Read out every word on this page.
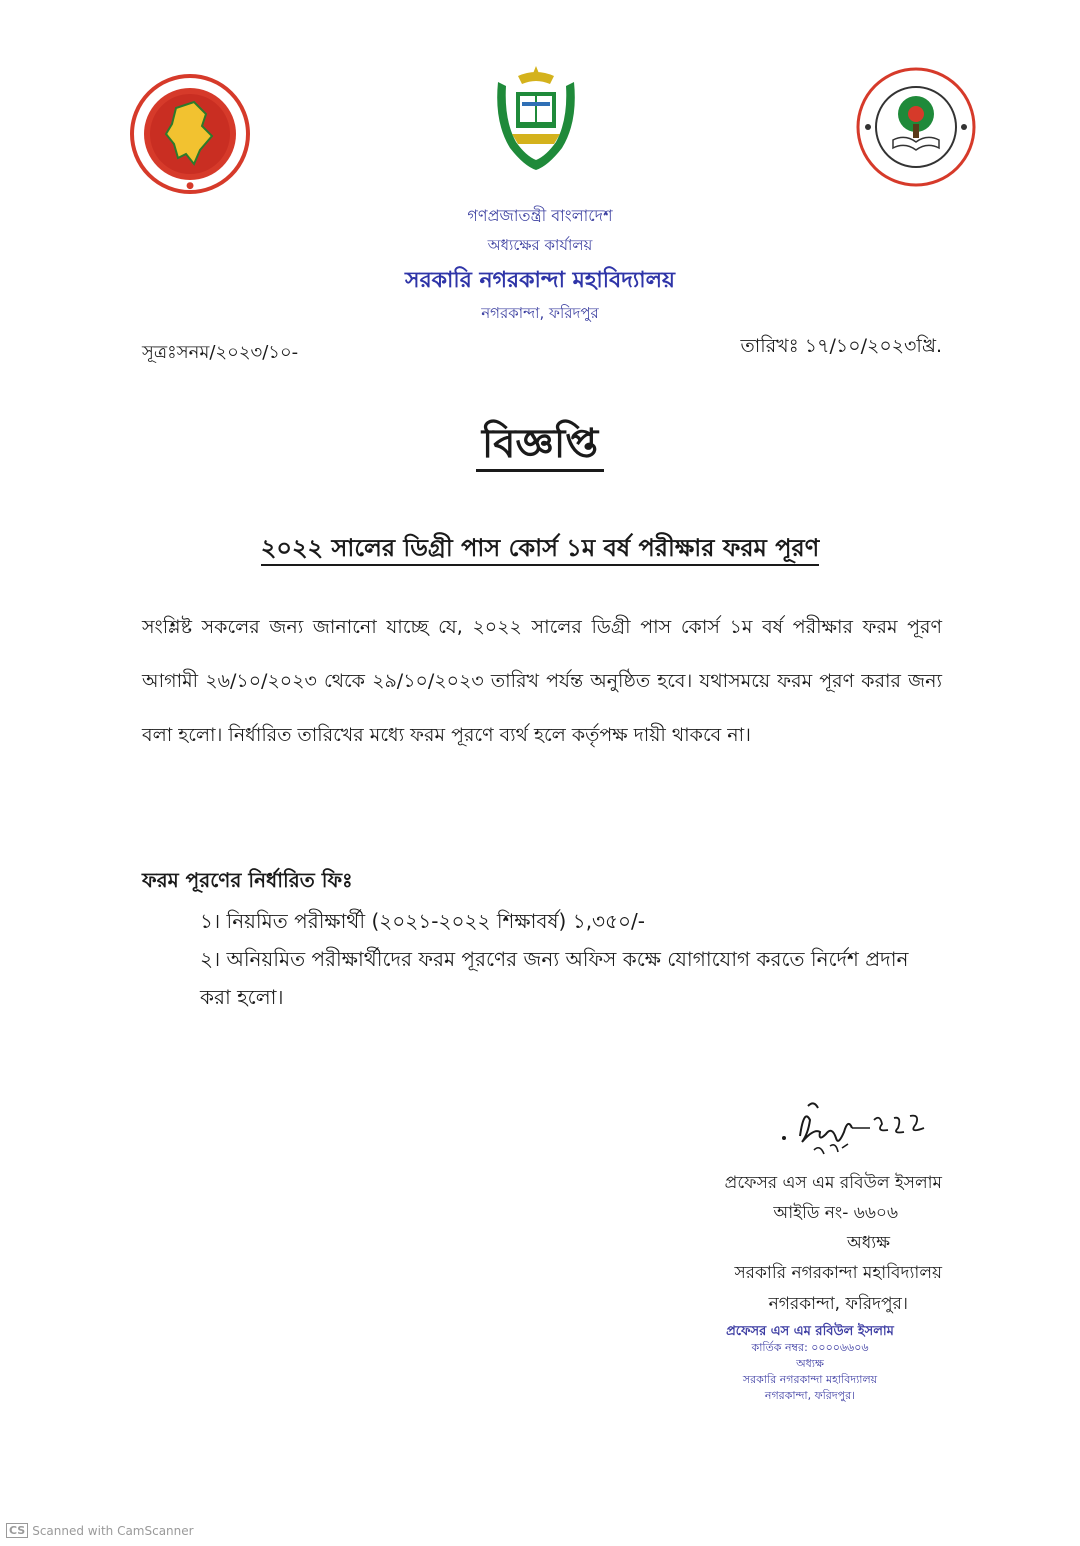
●
গণপ্রজাতন্ত্রী বাংলাদেশ
অধ্যক্ষের কার্যালয়
সরকারি নগরকান্দা মহাবিদ্যালয়
নগরকান্দা, ফরিদপুর
সূত্রঃসনম/২০২৩/১০-	তারিখঃ ১৭/১০/২০২৩খ্রি.
বিজ্ঞপ্তি
২০২২ সালের ডিগ্রী পাস কোর্স ১ম বর্ষ পরীক্ষার ফরম পূরণ
সংশ্লিষ্ট সকলের জন্য জানানো যাচ্ছে যে, ২০২২ সালের ডিগ্রী পাস কোর্স ১ম বর্ষ পরীক্ষার ফরম পূরণ আগামী ২৬/১০/২০২৩ থেকে ২৯/১০/২০২৩ তারিখ পর্যন্ত অনুষ্ঠিত হবে। যথাসময়ে ফরম পূরণ করার জন্য বলা হলো। নির্ধারিত তারিখের মধ্যে ফরম পূরণে ব্যর্থ হলে কর্তৃপক্ষ দায়ী থাকবে না।
ফরম পূরণের নির্ধারিত ফিঃ
১। নিয়মিত পরীক্ষার্থী (২০২১-২০২২ শিক্ষাবর্ষ) ১,৩৫০/-
২। অনিয়মিত পরীক্ষার্থীদের ফরম পূরণের জন্য অফিস কক্ষে যোগাযোগ করতে নির্দেশ প্রদান করা হলো।
প্রফেসর এস এম রবিউল ইসলাম
আইডি নং- ৬৬০৬
অধ্যক্ষ
সরকারি নগরকান্দা মহাবিদ্যালয়
নগরকান্দা, ফরিদপুর।
প্রফেসর এস এম রবিউল ইসলাম
কার্তিক নম্বর: ০০০০৬৬০৬
অধ্যক্ষ
সরকারি নগরকান্দা মহাবিদ্যালয়
নগরকান্দা, ফরিদপুর।
CS Scanned with CamScanner
